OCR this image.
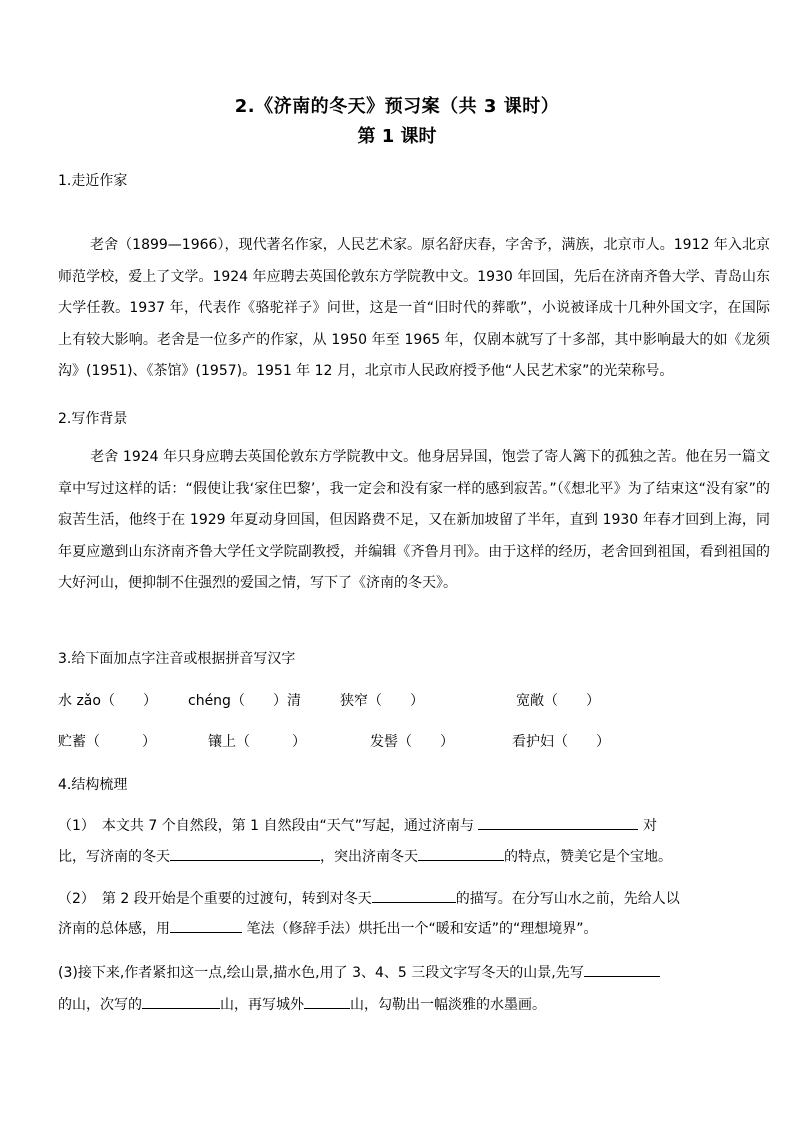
2.《济南的冬天》预习案（共 3 课时）
第 1 课时
1.走近作家
老舍（1899—1966），现代著名作家，人民艺术家。原名舒庆春，字舍予，满族，北京市人。1912 年入北京师范学校，爱上了文学。1924 年应聘去英国伦敦东方学院教中文。1930 年回国，先后在济南齐鲁大学、青岛山东大学任教。1937 年，代表作《骆驼祥子》问世，这是一首“旧时代的葬歌”，小说被译成十几种外国文字，在国际上有较大影响。老舍是一位多产的作家，从 1950 年至 1965 年，仅剧本就写了十多部，其中影响最大的如《龙须沟》(1951)、《茶馆》(1957)。1951 年 12 月，北京市人民政府授予他“人民艺术家”的光荣称号。
2.写作背景
老舍 1924 年只身应聘去英国伦敦东方学院教中文。他身居异国，饱尝了寄人篱下的孤独之苦。他在另一篇文章中写过这样的话：“假使让我‘家住巴黎’，我一定会和没有家一样的感到寂苦。”（《想北平》为了结束这“没有家”的寂苦生活，他终于在 1929 年夏动身回国，但因路费不足，又在新加坡留了半年，直到 1930 年春才回到上海，同年夏应邀到山东济南齐鲁大学任文学院副教授，并编辑《齐鲁月刊》。由于这样的经历，老舍回到祖国，看到祖国的大好河山，便抑制不住强烈的爱国之情，写下了《济南的冬天》。
3.给下面加点字注音或根据拼音写汉字
水 zǎo（　　） chéng（　　）清	狭窄（　　）	宽敞（　　）
贮蓄（　　　）	镶上（　　　）	发髻（　　）	看护妇（　　）
4.结构梳理
（1）　本文共 7 个自然段，第 1 自然段由“天气”写起，通过济南与	对
比，写济南的冬天	，突出济南冬天	的特点，赞美它是个宝地。
（2）　第 2 段开始是个重要的过渡句，转到对冬天	的描写。在分写山水之前，先给人以
济南的总体感，用	笔法（修辞手法）烘托出一个“暖和安适”的“理想境界”。
(3)接下来,作者紧扣这一点,绘山景,描水色,用了 3、4、5 三段文字写冬天的山景,先写
的山，次写的	山，再写城外	山，勾勒出一幅淡雅的水墨画。
